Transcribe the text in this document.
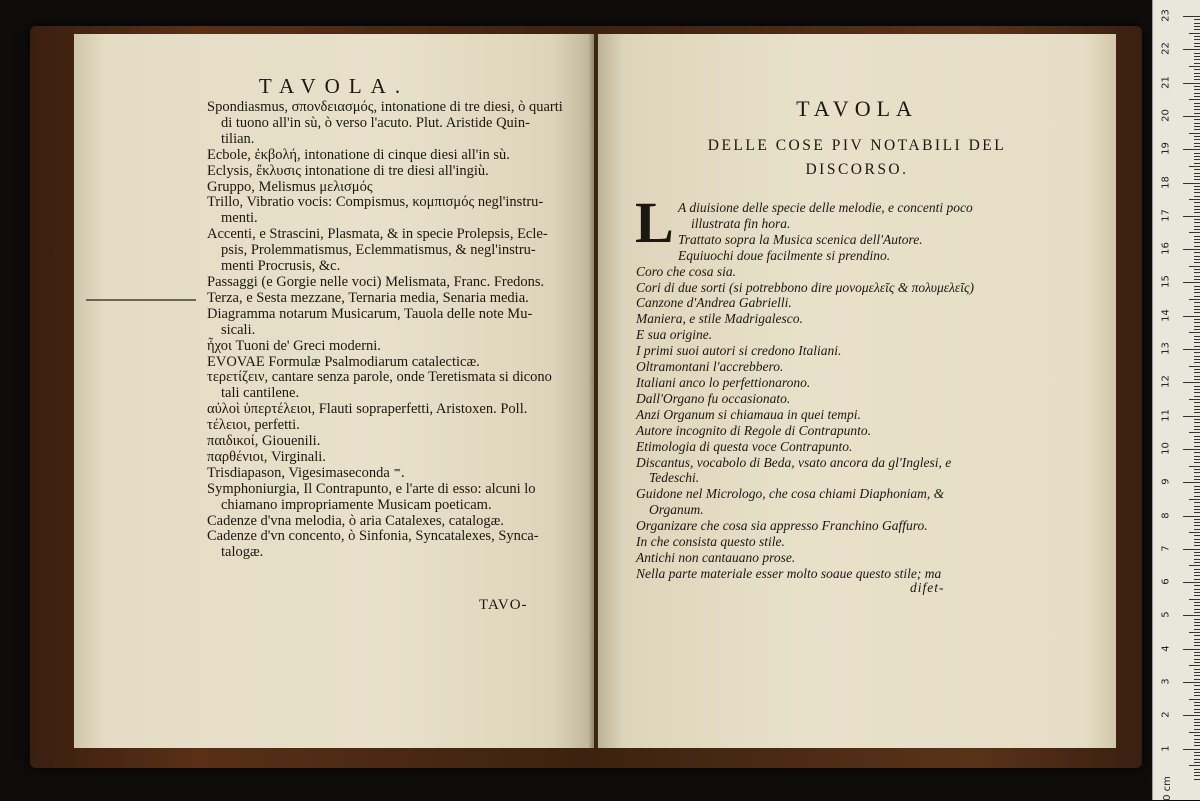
TAVOLA.

Spondiasmus, σπονδειασμός, intonatione di tre diesi, ò quarti

di tuono all'in sù, ò verso l'acuto. Plut. Aristide Quin-
tilian.

Ecbole, ἐκβολή, intonatione di cinque diesi all'in sù.

Eclysis, ἔκλυσις intonatione di tre diesi all'ingiù.

Gruppo, Melismus μελισμός

Trillo, Vibratio vocis: Compismus, κομπισμός negl'instru-

menti.

Accenti, e Strascini, Plasmata, & in specie Prolepsis, Ecle-

psis, Prolemmatismus, Eclemmatismus, & negl'instru-
menti Procrusis, &c.

Passaggi (e Gorgie nelle voci) Melismata, Franc. Fredons.

Terza, e Sesta mezzane, Ternaria media, Senaria media.

Diagramma notarum Musicarum, Tauola delle note Mu-

sicali.

ἦχοι Tuoni de' Greci moderni.

EVOVAE Formulæ Psalmodiarum catalecticæ.

τερετίζειν, cantare senza parole, onde Teretismata si dicono

tali cantilene.

αὐλοὶ ὑπερτέλειοι, Flauti sopraperfetti, Aristoxen. Poll.

τέλειοι, perfetti.

παιδικοί, Giouenili.

παρθένιοι, Virginali.

Trisdiapason, Vigesimaseconda ⁼.

Symphoniurgia, Il Contrapunto, e l'arte di esso: alcuni lo

chiamano impropriamente Musicam poeticam.

Cadenze d'vna melodia, ò aria Catalexes, catalogæ.

Cadenze d'vn concento, ò Sinfonia, Syncatalexes, Synca-

talogæ.

TAVO-
TAVOLA
DELLE COSE PIV NOTABILI DEL
DISCORSO.
L A diuisione delle specie delle melodie, e concenti poco

illustrata fin hora.

Trattato sopra la Musica scenica dell'Autore.

Equiuochi doue facilmente si prendino.

Coro che cosa sia.

Cori di due sorti (si potrebbono dire μονομελεῖς & πολυμελεῖς)

Canzone d'Andrea Gabrielli.

Maniera, e stile Madrigalesco.

E sua origine.

I primi suoi autori si credono Italiani.

Oltramontani l'accrebbero.

Italiani anco lo perfettionarono.

Dall'Organo fu occasionato.

Anzi Organum si chiamaua in quei tempi.

Autore incognito di Regole di Contrapunto.

Etimologia di questa voce Contrapunto.

Discantus, vocabolo di Beda, vsato ancora da gl'Inglesi, e

Tedeschi.

Guidone nel Micrologo, che cosa chiami Diaphoniam, &

Organum.

Organizare che cosa sia appresso Franchino Gaffuro.

In che consista questo stile.

Antichi non cantauano prose.

Nella parte materiale esser molto soaue questo stile; ma

difet-
0 cm
23
22
21
20
19
18
17
16
15
14
13
12
11
10
9
8
7
6
5
4
3
2
1
